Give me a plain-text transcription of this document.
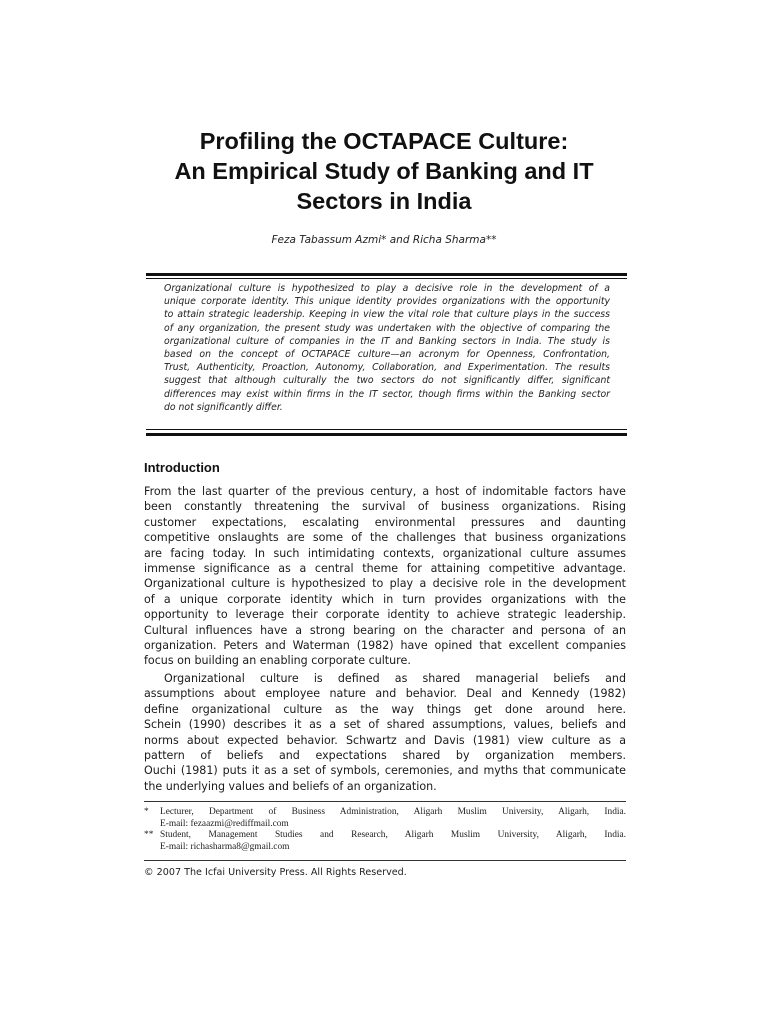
Profiling the OCTAPACE Culture:
An Empirical Study of Banking and IT
Sectors in India
Feza Tabassum Azmi* and Richa Sharma**
Organizational culture is hypothesized to play a decisive role in the development of a
unique corporate identity. This unique identity provides organizations with the opportunity
to attain strategic leadership. Keeping in view the vital role that culture plays in the success
of any organization, the present study was undertaken with the objective of comparing the
organizational culture of companies in the IT and Banking sectors in India. The study is
based on the concept of OCTAPACE culture—an acronym for Openness, Confrontation,
Trust, Authenticity, Proaction, Autonomy, Collaboration, and Experimentation. The results
suggest that although culturally the two sectors do not significantly differ, significant
differences may exist within firms in the IT sector, though firms within the Banking sector
do not significantly differ.
Introduction
From the last quarter of the previous century, a host of indomitable factors have
been constantly threatening the survival of business organizations. Rising
customer expectations, escalating environmental pressures and daunting
competitive onslaughts are some of the challenges that business organizations
are facing today. In such intimidating contexts, organizational culture assumes
immense significance as a central theme for attaining competitive advantage.
Organizational culture is hypothesized to play a decisive role in the development
of a unique corporate identity which in turn provides organizations with the
opportunity to leverage their corporate identity to achieve strategic leadership.
Cultural influences have a strong bearing on the character and persona of an
organization. Peters and Waterman (1982) have opined that excellent companies
focus on building an enabling corporate culture.
Organizational culture is defined as shared managerial beliefs and
assumptions about employee nature and behavior. Deal and Kennedy (1982)
define organizational culture as the way things get done around here.
Schein (1990) describes it as a set of shared assumptions, values, beliefs and
norms about expected behavior. Schwartz and Davis (1981) view culture as a
pattern of beliefs and expectations shared by organization members.
Ouchi (1981) puts it as a set of symbols, ceremonies, and myths that communicate
the underlying values and beliefs of an organization.
*	Lecturer, Department of Business Administration, Aligarh Muslim University, Aligarh, India.
E-mail: fezaazmi@rediffmail.com
** Student, Management Studies and Research, Aligarh Muslim University, Aligarh, India.
E-mail: richasharma8@gmail.com
© 2007 The Icfai University Press. All Rights Reserved.
